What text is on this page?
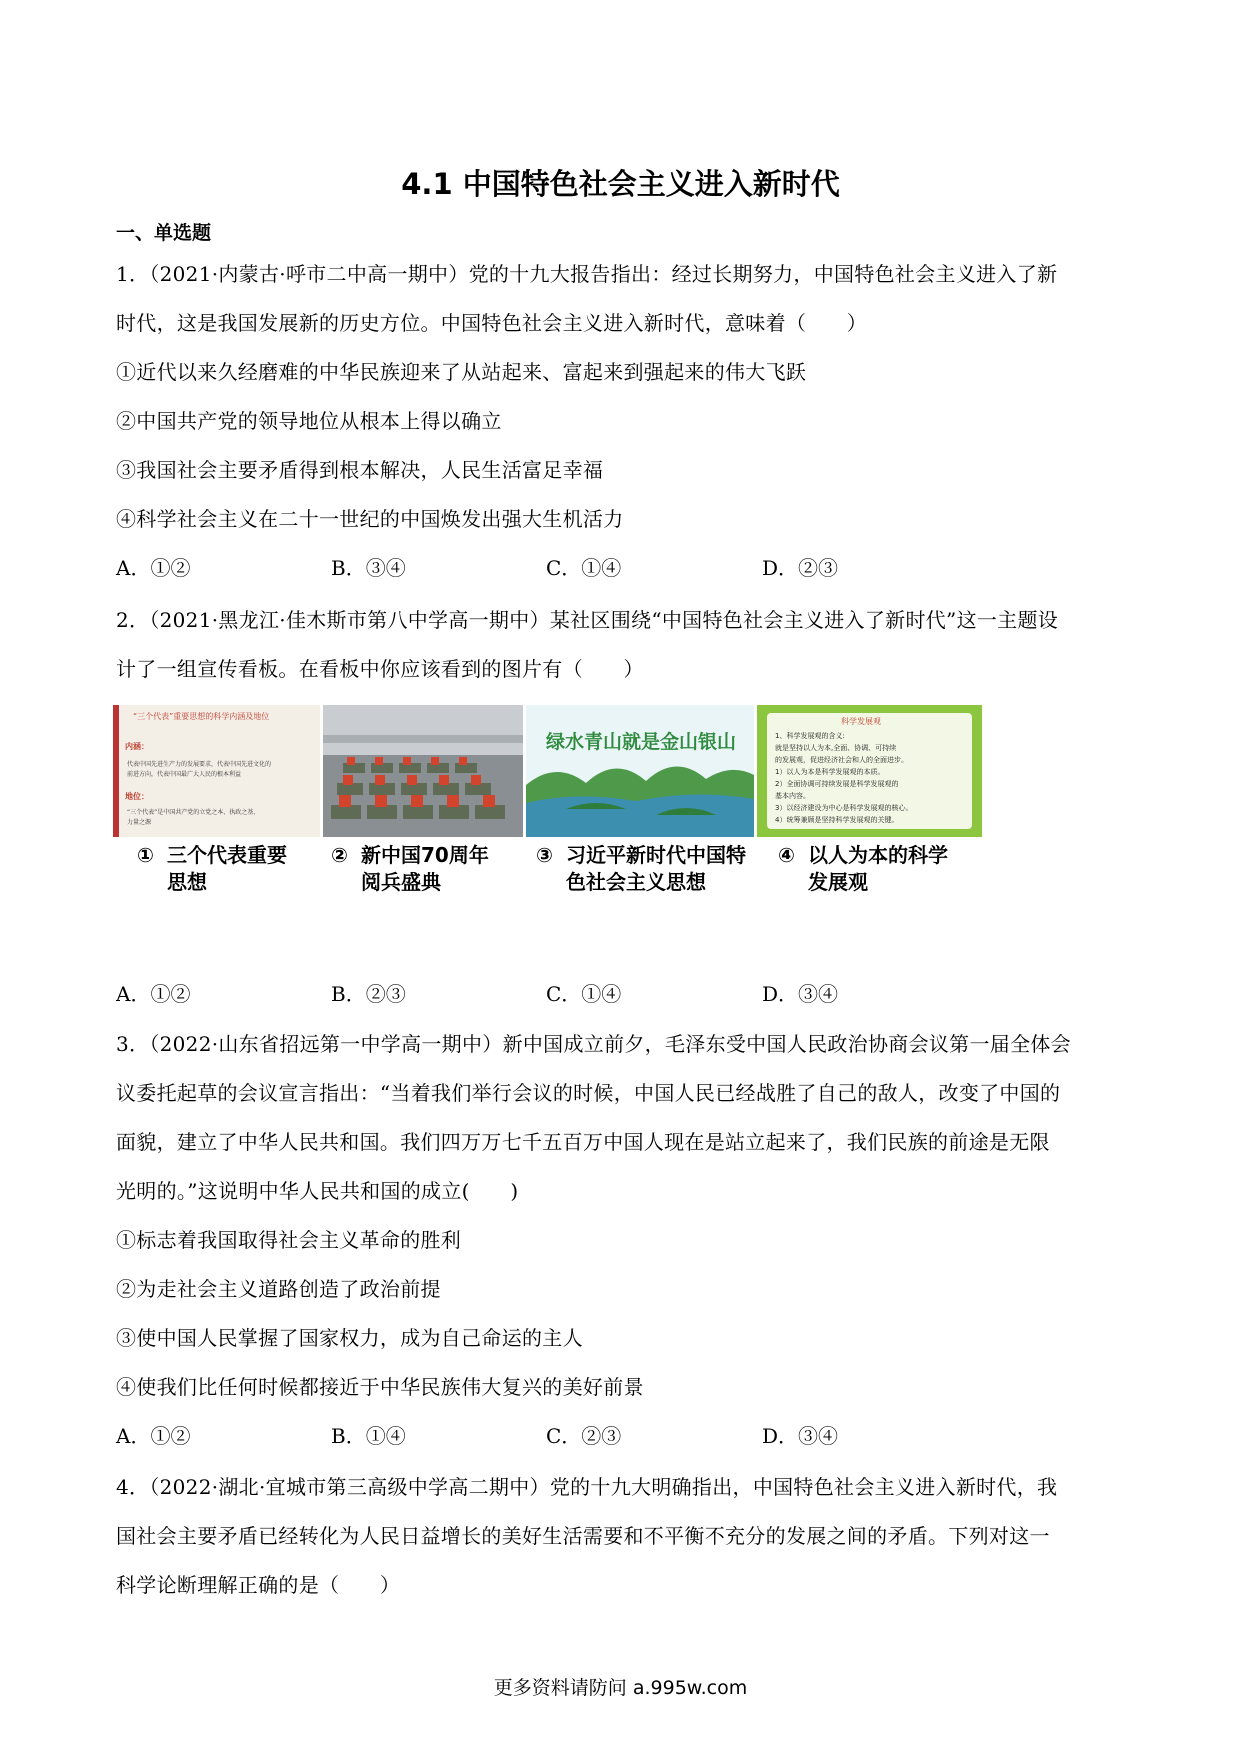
4.1 中国特色社会主义进入新时代
一、单选题
1．（2021·内蒙古·呼市二中高一期中）党的十九大报告指出：经过长期努力，中国特色社会主义进入了新
时代，这是我国发展新的历史方位。中国特色社会主义进入新时代，意味着（　　）
①近代以来久经磨难的中华民族迎来了从站起来、富起来到强起来的伟大飞跃
②中国共产党的领导地位从根本上得以确立
③我国社会主要矛盾得到根本解决，人民生活富足幸福
④科学社会主义在二十一世纪的中国焕发出强大生机活力
A．①②	B．③④	C．①④	D．②③
2．（2021·黑龙江·佳木斯市第八中学高一期中）某社区围绕“中国特色社会主义进入了新时代”这一主题设
计了一组宣传看板。在看板中你应该看到的图片有（　　）
“三个代表”重要思想的科学内涵及地位
内涵：
代表中国先进生产力的发展要求，代表中国先进文化的
前进方向，代表中国最广大人民的根本利益
地位：
“三个代表”是中国共产党的立党之本、执政之基、
力量之源
绿水青山就是金山银山
科学发展观
1、科学发展观的含义:
就是坚持以人为本,全面、协调、可持续
的发展观，促进经济社会和人的全面进步。
1）以人为本是科学发展观的本质。
2）全面协调可持续发展是科学发展观的
基本内容。
3）以经济建设为中心是科学发展观的核心。
4）统筹兼顾是坚持科学发展观的关键。
① 三个代表重要
思想
② 新中国70周年
阅兵盛典
③ 习近平新时代中国特
色社会主义思想
④ 以人为本的科学
发展观
A．①②	B．②③	C．①④	D．③④
3．（2022·山东省招远第一中学高一期中）新中国成立前夕，毛泽东受中国人民政治协商会议第一届全体会
议委托起草的会议宣言指出：“当着我们举行会议的时候，中国人民已经战胜了自己的敌人，改变了中国的
面貌，建立了中华人民共和国。我们四万万七千五百万中国人现在是站立起来了，我们民族的前途是无限
光明的。”这说明中华人民共和国的成立(　　)
①标志着我国取得社会主义革命的胜利
②为走社会主义道路创造了政治前提
③使中国人民掌握了国家权力，成为自己命运的主人
④使我们比任何时候都接近于中华民族伟大复兴的美好前景
A．①②	B．①④	C．②③	D．③④
4．（2022·湖北·宜城市第三高级中学高二期中）党的十九大明确指出，中国特色社会主义进入新时代，我
国社会主要矛盾已经转化为人民日益增长的美好生活需要和不平衡不充分的发展之间的矛盾。下列对这一
科学论断理解正确的是（　　）
更多资料请防问 a.995w.com
